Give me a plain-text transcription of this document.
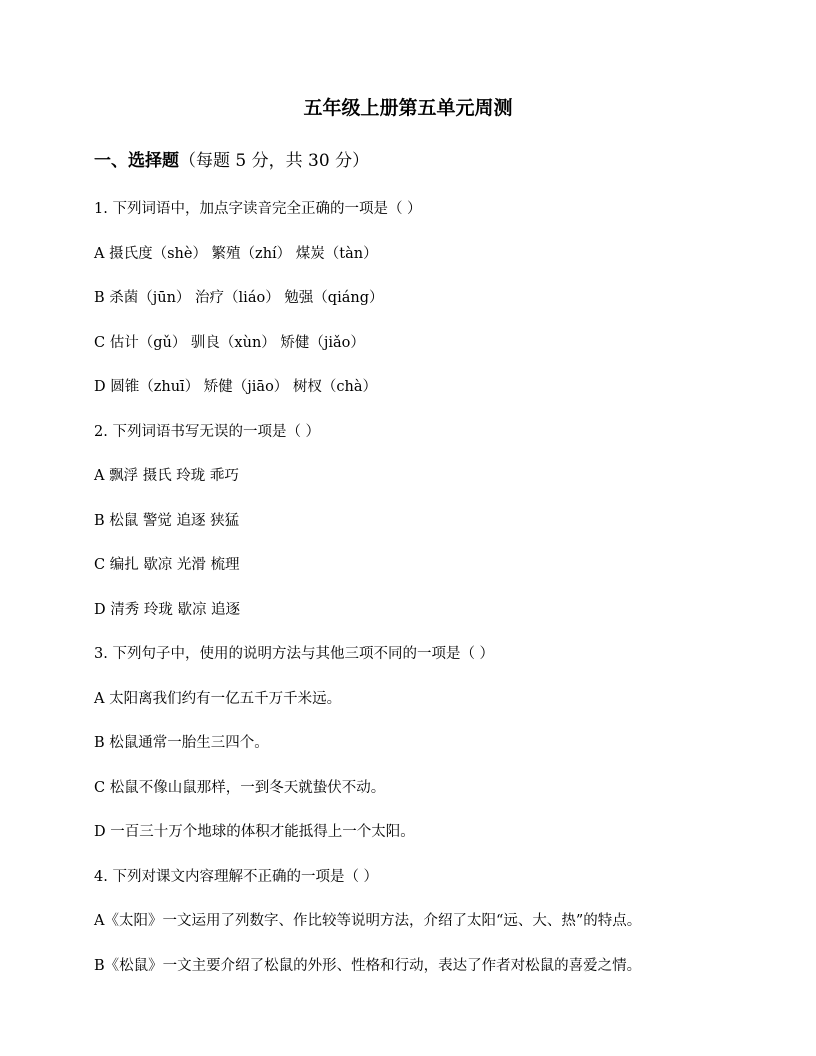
五年级上册第五单元周测
一、选择题（每题 5 分，共 30 分）
1. 下列词语中，加点字读音完全正确的一项是（ ）
A 摄氏度（shè） 繁殖（zhí） 煤炭（tàn）
B 杀菌（jūn） 治疗（liáo） 勉强（qiáng）
C 估计（gǔ） 驯良（xùn） 矫健（jiǎo）
D 圆锥（zhuī） 矫健（jiāo） 树杈（chà）
2. 下列词语书写无误的一项是（ ）
A 飘浮 摄氏 玲珑 乖巧
B 松鼠 警觉 追逐 狭猛
C 编扎 歇凉 光滑 梳理
D 清秀 玲珑 歇凉 追逐
3. 下列句子中，使用的说明方法与其他三项不同的一项是（ ）
A 太阳离我们约有一亿五千万千米远。
B 松鼠通常一胎生三四个。
C 松鼠不像山鼠那样，一到冬天就蛰伏不动。
D 一百三十万个地球的体积才能抵得上一个太阳。
4. 下列对课文内容理解不正确的一项是（ ）
A《太阳》一文运用了列数字、作比较等说明方法，介绍了太阳“远、大、热”的特点。
B《松鼠》一文主要介绍了松鼠的外形、性格和行动，表达了作者对松鼠的喜爱之情。
